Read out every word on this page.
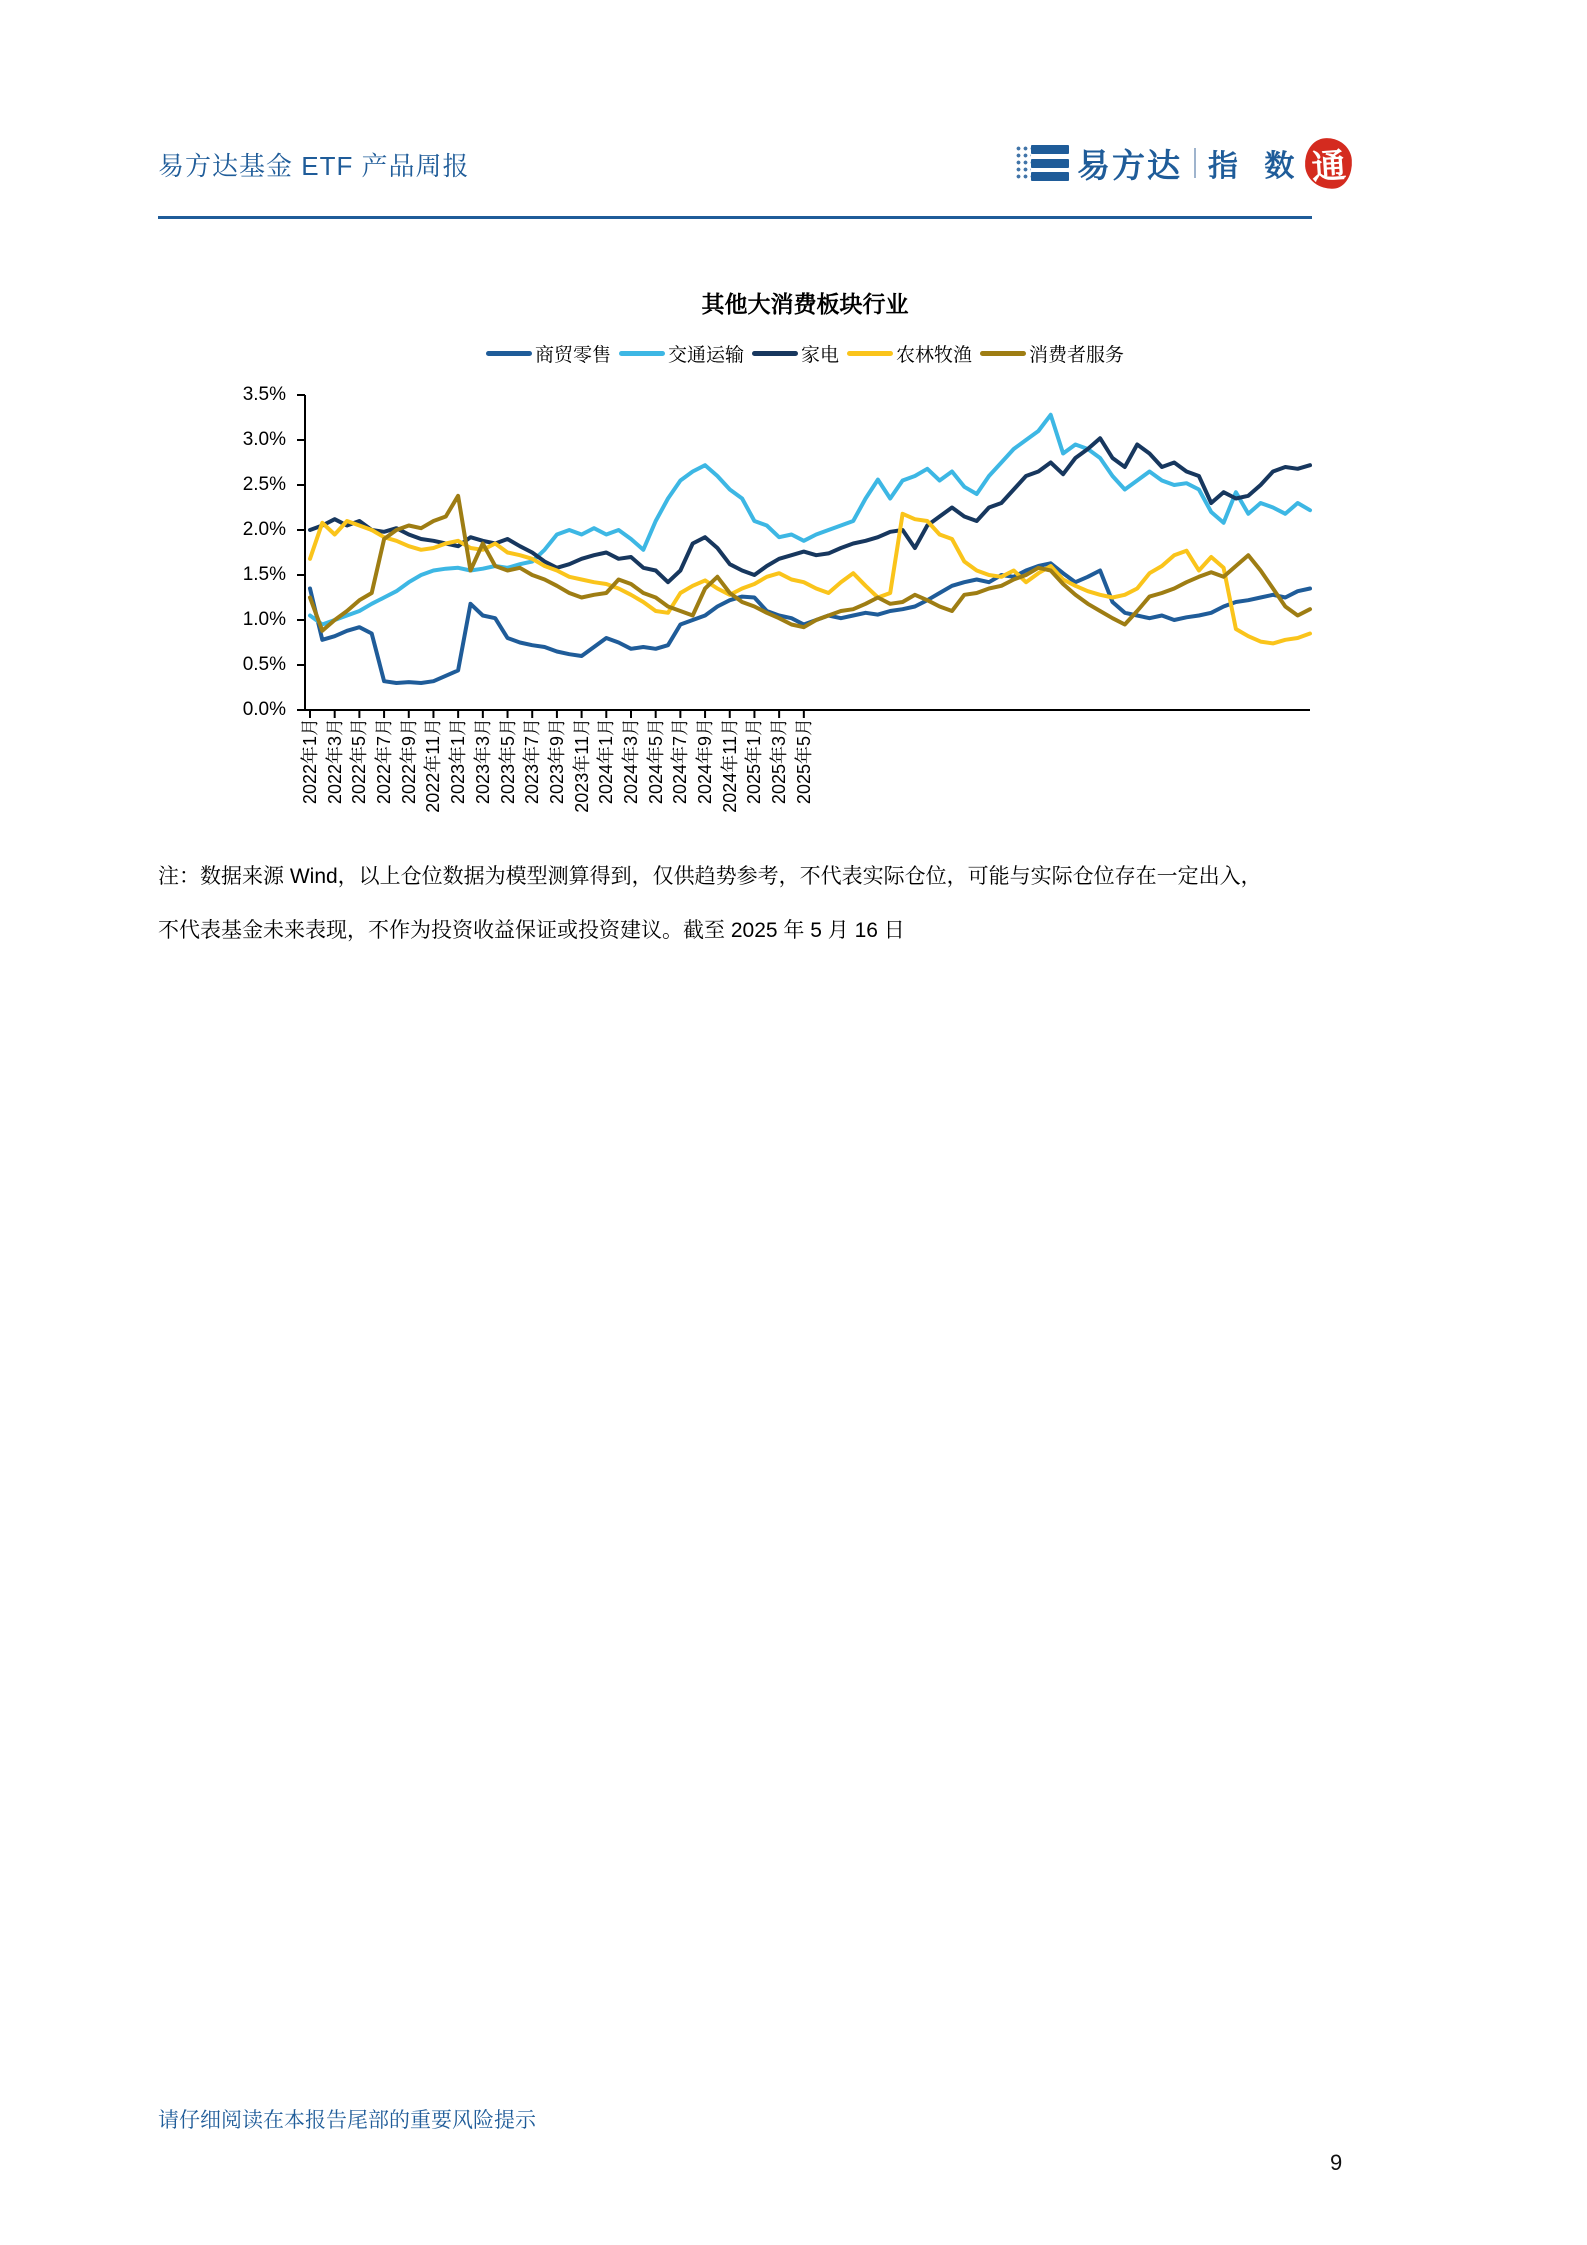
易方达基金 ETF 产品周报	易方达 指 数 通
其他大消费板块行业
商贸零售	交通运输	家电	农林牧渔	消费者服务
3.5%
3.0%
2.5%
2.0%
1.5%
1.0%
0.5%
0.0%
2022年1月 2022年3月 2022年5月 2022年7月 2022年9月 2022年11月 2023年1月 2023年3月 2023年5月 2023年7月 2023年9月 2023年11月 2024年1月 2024年3月 2024年5月 2024年7月 2024年9月 2024年11月 2025年1月 2025年3月 2025年5月
注：数据来源 Wind，以上仓位数据为模型测算得到，仅供趋势参考，不代表实际仓位，可能与实际仓位存在一定出入，
不代表基金未来表现，不作为投资收益保证或投资建议。截至 2025 年 5 月 16 日
请仔细阅读在本报告尾部的重要风险提示
9
